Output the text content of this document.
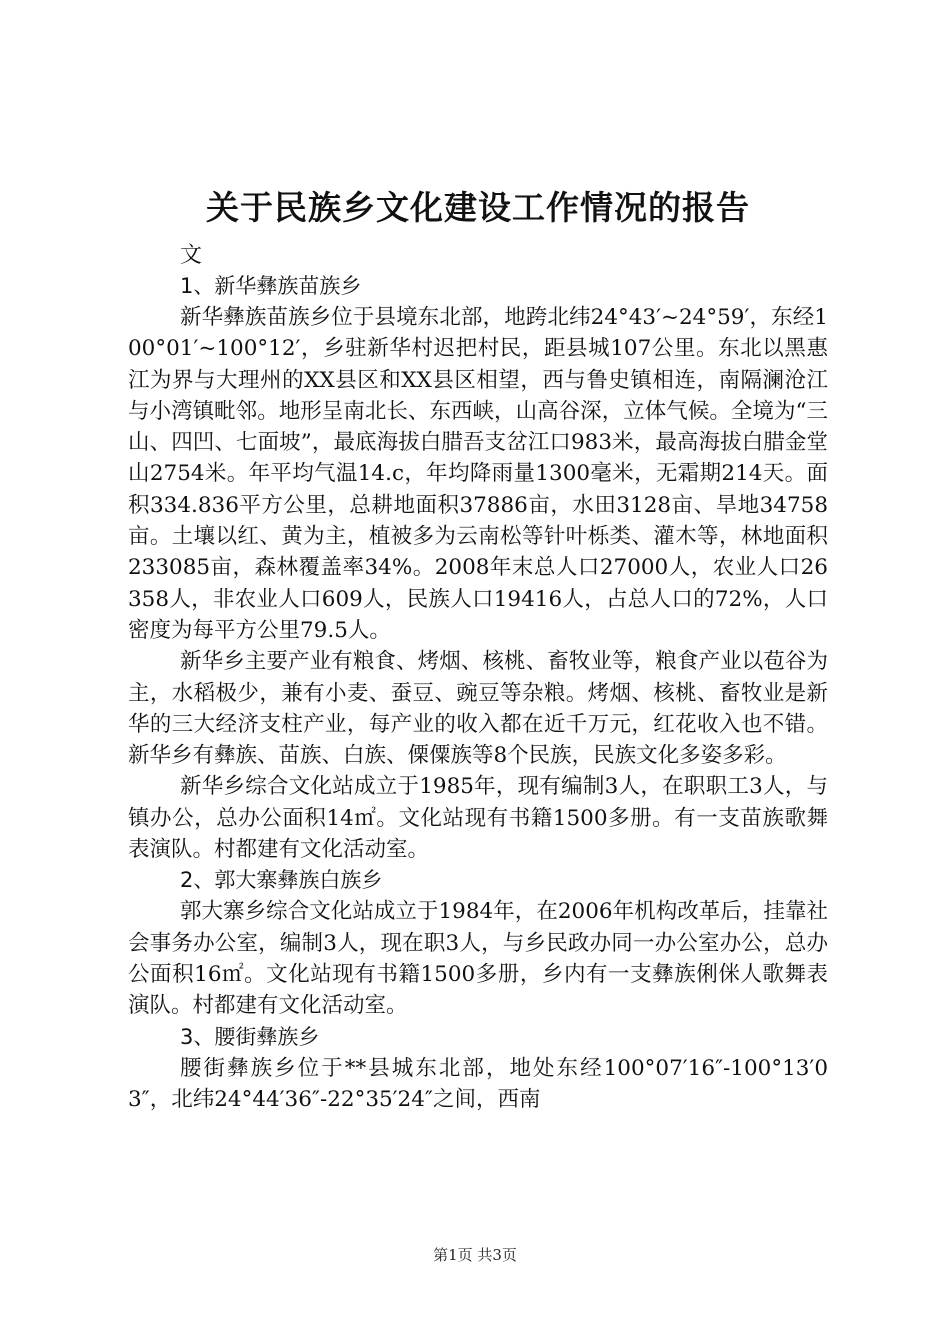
关于民族乡文化建设工作情况的报告

文

1、新华彝族苗族乡

新华彝族苗族乡位于县境东北部，地跨北纬24°43′~24°59′，东经100°01′~100°12′，乡驻新华村迟把村民，距县城107公里。东北以黑惠江为界与大理州的XX县区和XX县区相望，西与鲁史镇相连，南隔澜沧江与小湾镇毗邻。地形呈南北长、东西峡，山高谷深，立体气候。全境为“三山、四凹、七面坡”，最底海拔白腊吾支岔江口983米，最高海拔白腊金堂山2754米。年平均气温14.c，年均降雨量1300毫米，无霜期214天。面积334.836平方公里，总耕地面积37886亩，水田3128亩、旱地34758亩。土壤以红、黄为主，植被多为云南松等针叶栎类、灌木等，林地面积233085亩，森林覆盖率34%。2008年末总人口27000人，农业人口26358人，非农业人口609人，民族人口19416人，占总人口的72%，人口密度为每平方公里79.5人。

新华乡主要产业有粮食、烤烟、核桃、畜牧业等，粮食产业以苞谷为主，水稻极少，兼有小麦、蚕豆、豌豆等杂粮。烤烟、核桃、畜牧业是新华的三大经济支柱产业，每产业的收入都在近千万元，红花收入也不错。新华乡有彝族、苗族、白族、傈僳族等8个民族，民族文化多姿多彩。

新华乡综合文化站成立于1985年，现有编制3人，在职职工3人，与镇办公，总办公面积14㎡。文化站现有书籍1500多册。有一支苗族歌舞表演队。村都建有文化活动室。

2、郭大寨彝族白族乡

郭大寨乡综合文化站成立于1984年，在2006年机构改革后，挂靠社会事务办公室，编制3人，现在职3人，与乡民政办同一办公室办公，总办公面积16㎡。文化站现有书籍1500多册，乡内有一支彝族俐侎人歌舞表演队。村都建有文化活动室。

3、腰街彝族乡

腰街彝族乡位于**县城东北部，地处东经100°07′16″-100°13′03″，北纬24°44′36″-22°35′24″之间，西南

第1页 共3页
